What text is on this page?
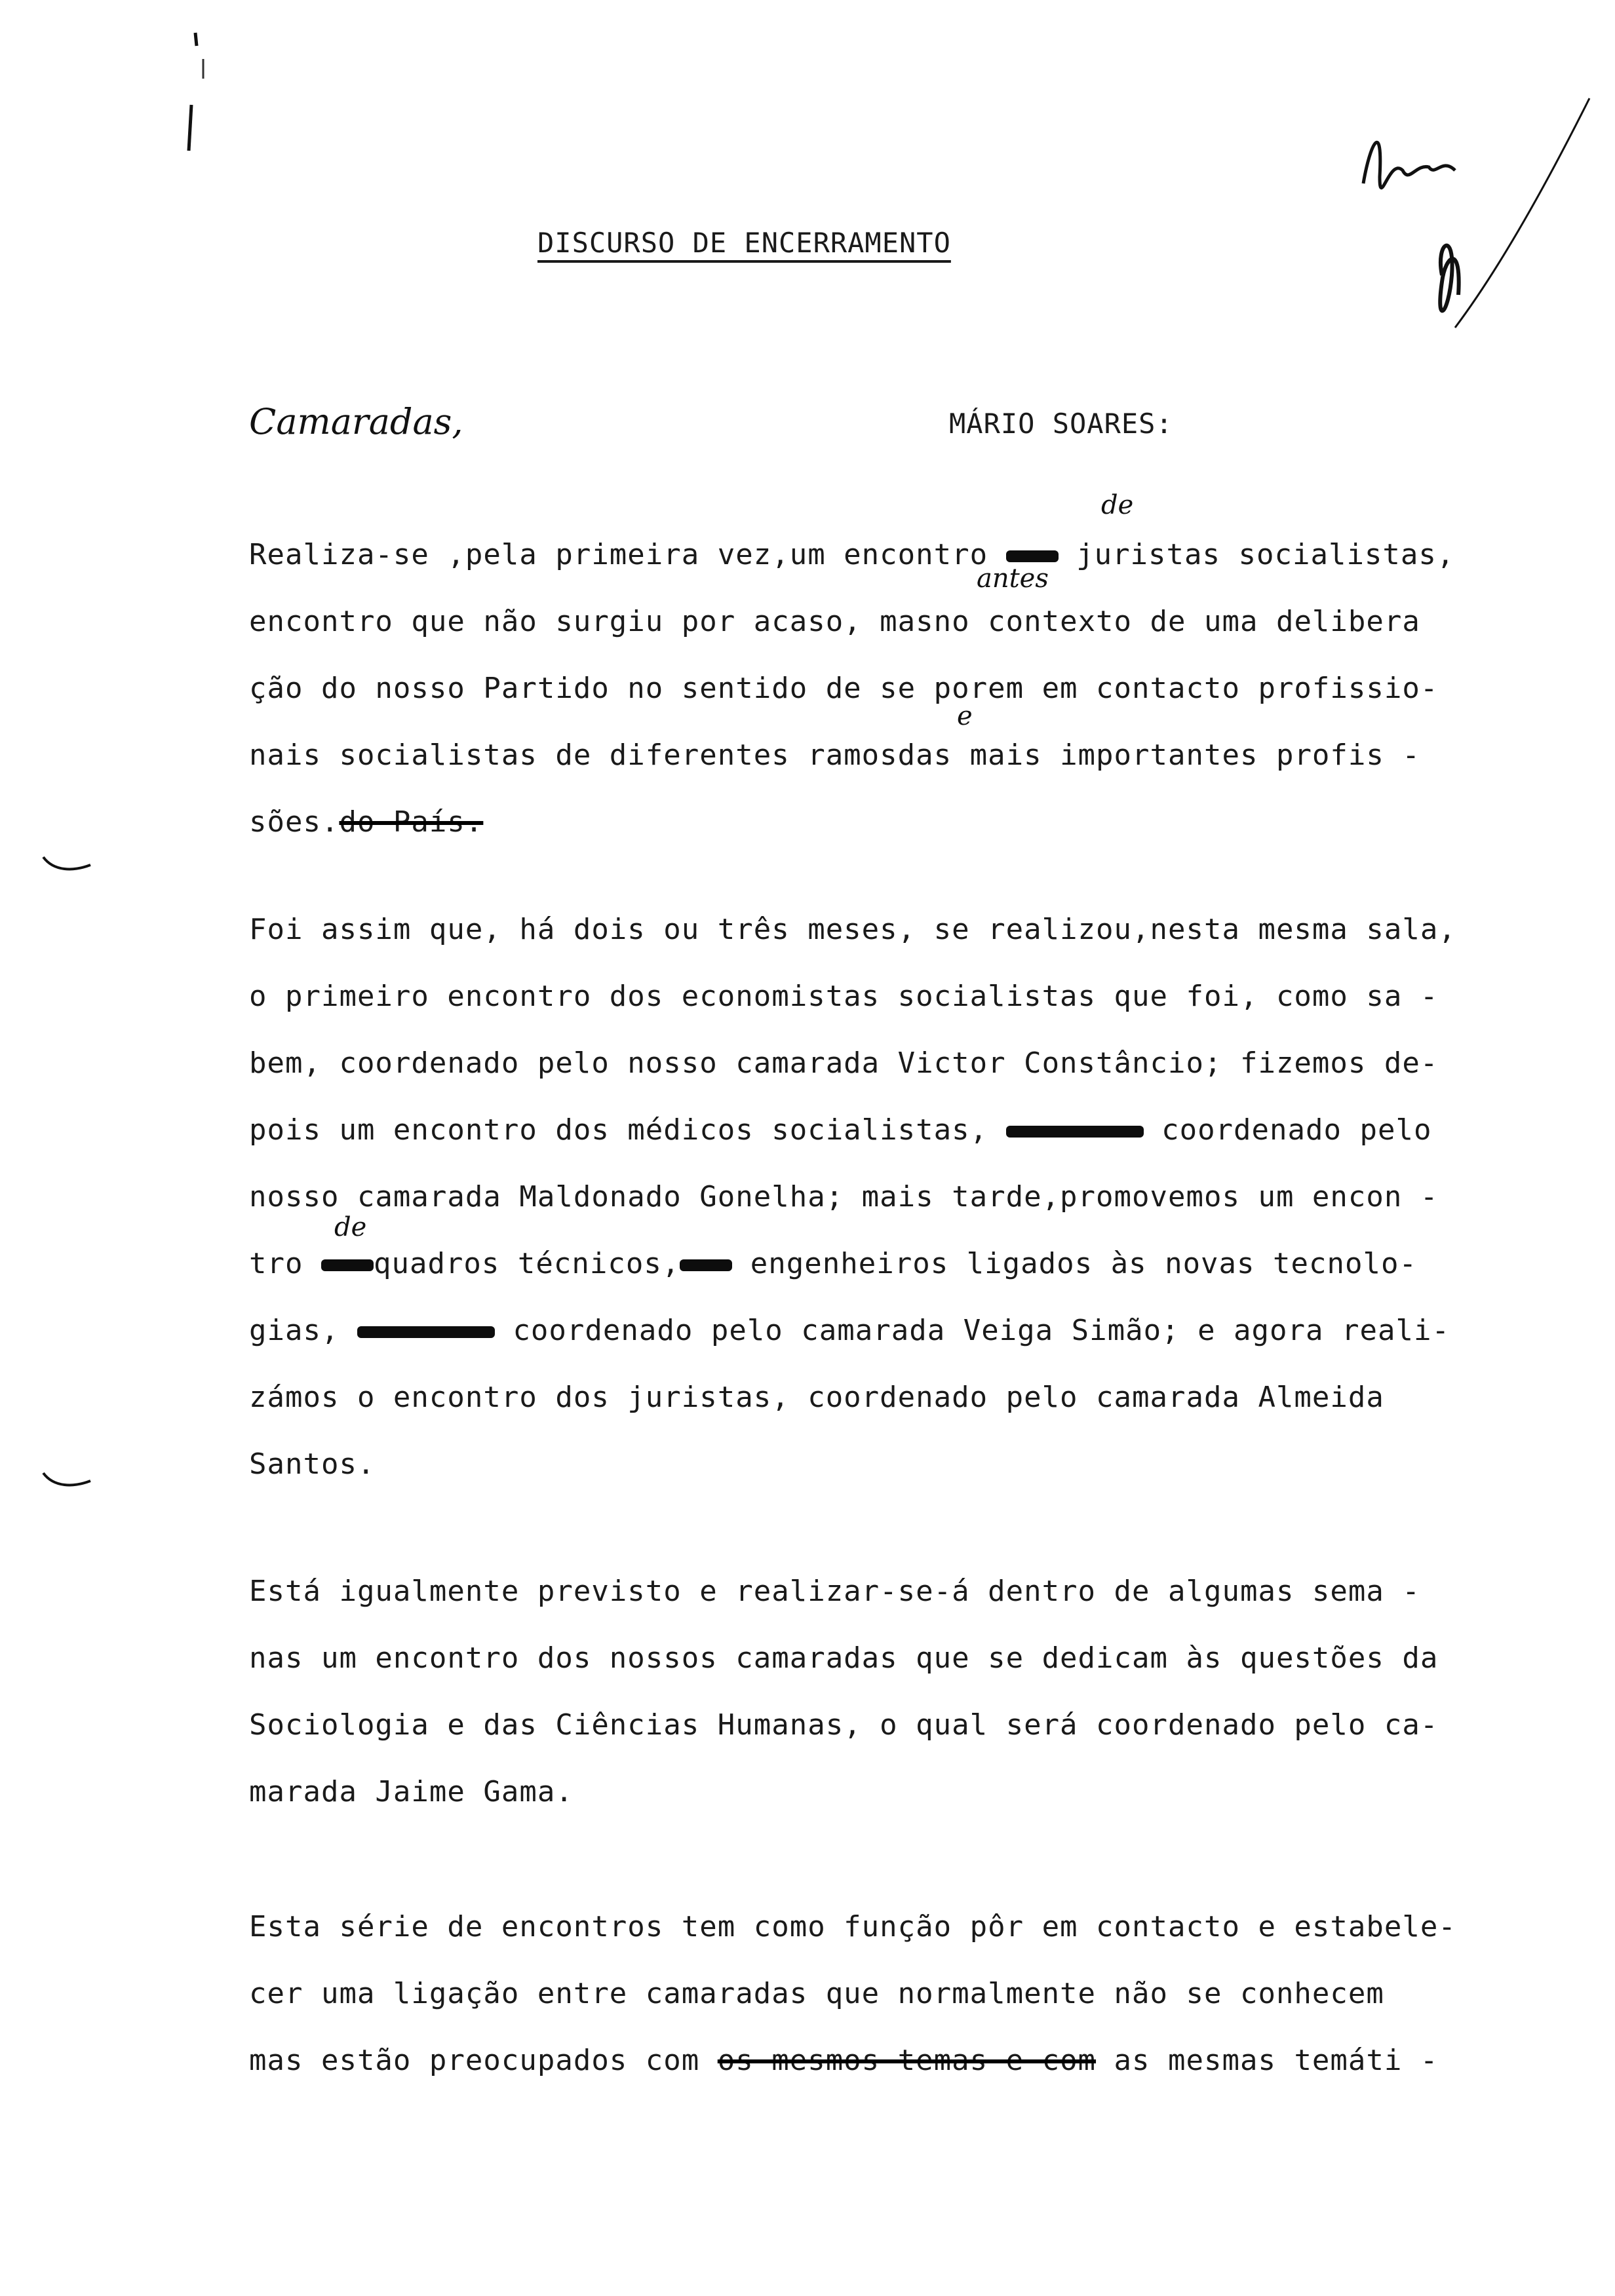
DISCURSO DE ENCERRAMENTO
Camaradas,	MÁRIO SOARES:
de
antes
e
de
Realiza-se ,pela primeira vez,um encontro  juristas socialistas,
encontro que não surgiu por acaso, masno contexto de uma delibera
ção do nosso Partido no sentido de se porem em contacto profissio-
nais socialistas de diferentes ramosdas mais importantes profis -
sões.do País.
Foi assim que, há dois ou três meses, se realizou,nesta mesma sala,
o primeiro encontro dos economistas socialistas que foi, como sa -
bem, coordenado pelo nosso camarada Victor Constâncio; fizemos de-
pois um encontro dos médicos socialistas,	coordenado pelo
nosso camarada Maldonado Gonelha; mais tarde,promovemos um encon -
tro quadros técnicos, engenheiros ligados às novas tecnolo-
gias,	coordenado pelo camarada Veiga Simão; e agora reali-
zámos o encontro dos juristas, coordenado pelo camarada Almeida
Santos.
Está igualmente previsto e realizar-se-á dentro de algumas sema -
nas um encontro dos nossos camaradas que se dedicam às questões da
Sociologia e das Ciências Humanas, o qual será coordenado pelo ca-
marada Jaime Gama.
Esta série de encontros tem como função pôr em contacto e estabele-
cer uma ligação entre camaradas que normalmente não se conhecem
mas estão preocupados com os mesmos temas e com as mesmas temáti -
